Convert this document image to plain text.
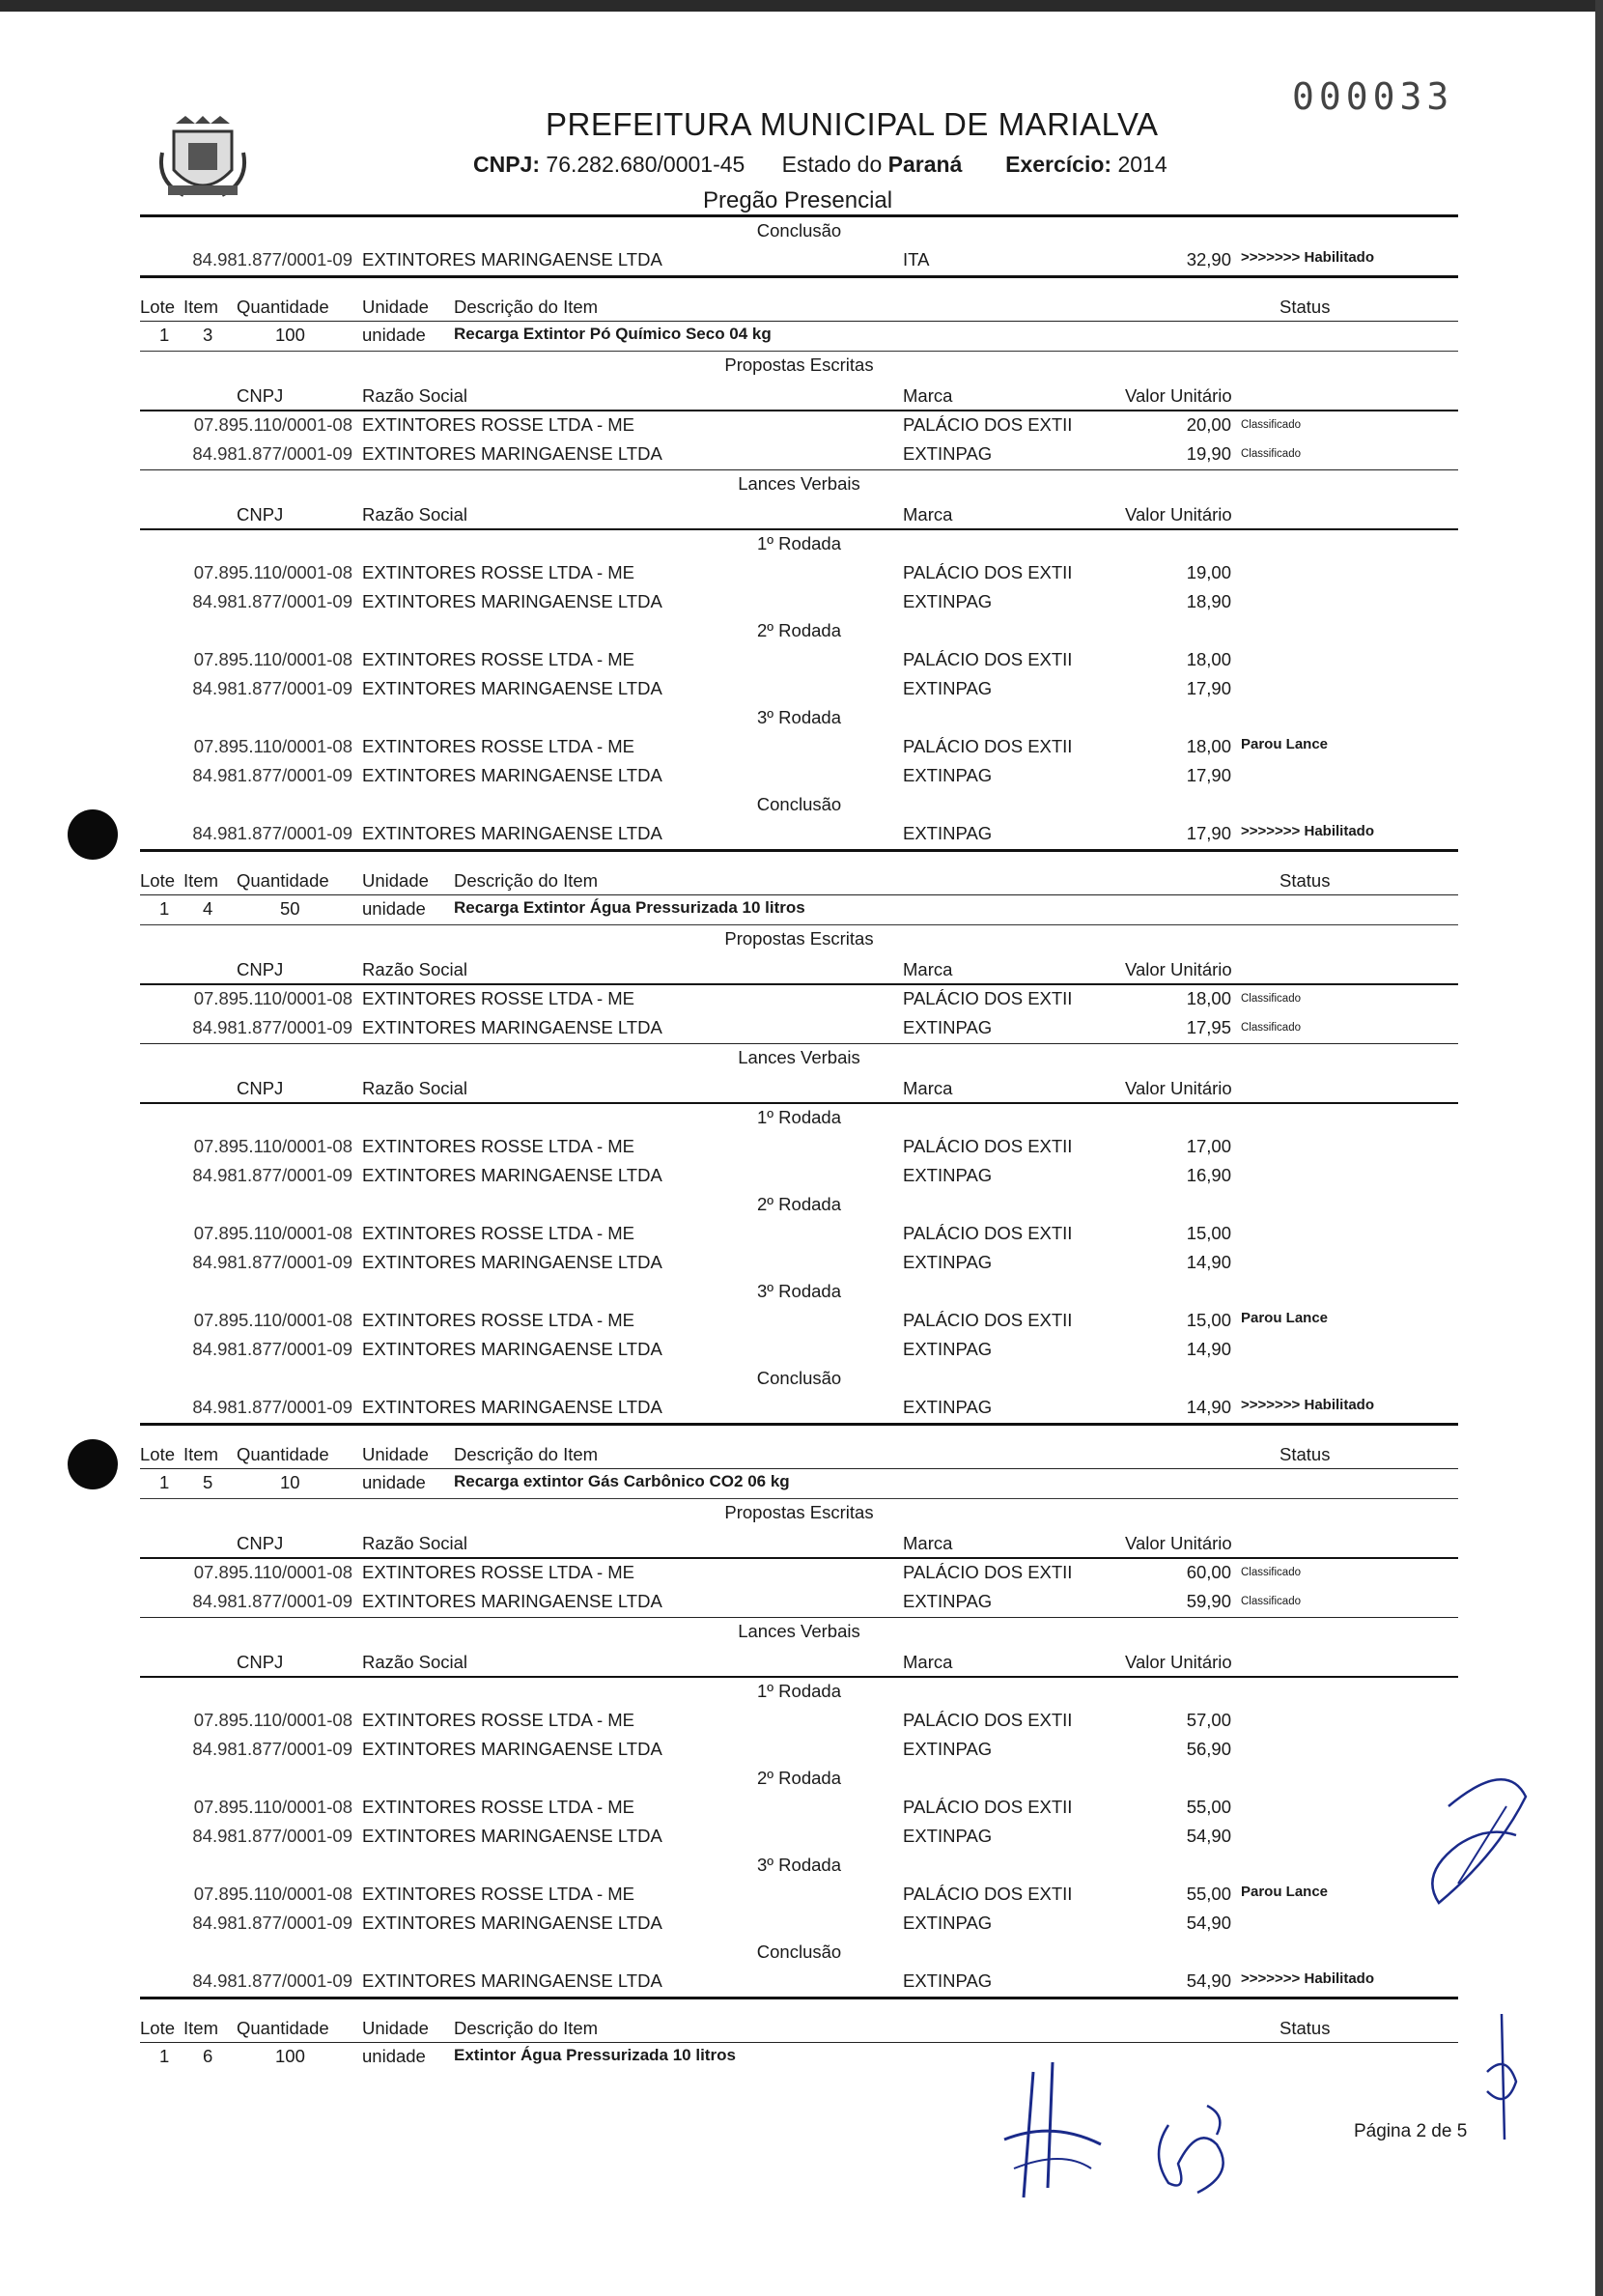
PREFEITURA MUNICIPAL DE MARIALVA
CNPJ: 76.282.680/0001-45 Estado do Paraná Exercício: 2014
Pregão Presencial
000033
Conclusão
84.981.877/0001-09 EXTINTORES MARINGAENSE LTDA	ITA	32,90 >>>>>>> Habilitado
Lote Item Quantidade Unidade Descrição do Item	Status
1 3	100	unidade Recarga Extintor Pó Químico Seco 04 kg
Propostas Escritas
CNPJ	Razão Social	Marca	Valor Unitário
07.895.110/0001-08 EXTINTORES ROSSE LTDA - ME	PALÁCIO DOS EXTII	20,00 Classificado
84.981.877/0001-09 EXTINTORES MARINGAENSE LTDA	EXTINPAG	19,90 Classificado
Lances Verbais
CNPJ	Razão Social	Marca	Valor Unitário
1º Rodada
07.895.110/0001-08 EXTINTORES ROSSE LTDA - ME	PALÁCIO DOS EXTII	19,00
84.981.877/0001-09 EXTINTORES MARINGAENSE LTDA	EXTINPAG	18,90
2º Rodada
07.895.110/0001-08 EXTINTORES ROSSE LTDA - ME	PALÁCIO DOS EXTII	18,00
84.981.877/0001-09 EXTINTORES MARINGAENSE LTDA	EXTINPAG	17,90
3º Rodada
07.895.110/0001-08 EXTINTORES ROSSE LTDA - ME	PALÁCIO DOS EXTII	18,00 Parou Lance
84.981.877/0001-09 EXTINTORES MARINGAENSE LTDA	EXTINPAG	17,90
Conclusão
84.981.877/0001-09 EXTINTORES MARINGAENSE LTDA	EXTINPAG	17,90 >>>>>>> Habilitado
Lote Item Quantidade Unidade Descrição do Item	Status
1 4	50	unidade Recarga Extintor Água Pressurizada 10 litros
Propostas Escritas
CNPJ	Razão Social	Marca	Valor Unitário
07.895.110/0001-08 EXTINTORES ROSSE LTDA - ME	PALÁCIO DOS EXTII	18,00 Classificado
84.981.877/0001-09 EXTINTORES MARINGAENSE LTDA	EXTINPAG	17,95 Classificado
Lances Verbais
CNPJ	Razão Social	Marca	Valor Unitário
1º Rodada
07.895.110/0001-08 EXTINTORES ROSSE LTDA - ME	PALÁCIO DOS EXTII	17,00
84.981.877/0001-09 EXTINTORES MARINGAENSE LTDA	EXTINPAG	16,90
2º Rodada
07.895.110/0001-08 EXTINTORES ROSSE LTDA - ME	PALÁCIO DOS EXTII	15,00
84.981.877/0001-09 EXTINTORES MARINGAENSE LTDA	EXTINPAG	14,90
3º Rodada
07.895.110/0001-08 EXTINTORES ROSSE LTDA - ME	PALÁCIO DOS EXTII	15,00 Parou Lance
84.981.877/0001-09 EXTINTORES MARINGAENSE LTDA	EXTINPAG	14,90
Conclusão
84.981.877/0001-09 EXTINTORES MARINGAENSE LTDA	EXTINPAG	14,90 >>>>>>> Habilitado
Lote Item Quantidade Unidade Descrição do Item	Status
1 5	10	unidade Recarga extintor Gás Carbônico CO2 06 kg
Propostas Escritas
CNPJ	Razão Social	Marca	Valor Unitário
07.895.110/0001-08 EXTINTORES ROSSE LTDA - ME	PALÁCIO DOS EXTII	60,00 Classificado
84.981.877/0001-09 EXTINTORES MARINGAENSE LTDA	EXTINPAG	59,90 Classificado
Lances Verbais
CNPJ	Razão Social	Marca	Valor Unitário
1º Rodada
07.895.110/0001-08 EXTINTORES ROSSE LTDA - ME	PALÁCIO DOS EXTII	57,00
84.981.877/0001-09 EXTINTORES MARINGAENSE LTDA	EXTINPAG	56,90
2º Rodada
07.895.110/0001-08 EXTINTORES ROSSE LTDA - ME	PALÁCIO DOS EXTII	55,00
84.981.877/0001-09 EXTINTORES MARINGAENSE LTDA	EXTINPAG	54,90
3º Rodada
07.895.110/0001-08 EXTINTORES ROSSE LTDA - ME	PALÁCIO DOS EXTII	55,00 Parou Lance
84.981.877/0001-09 EXTINTORES MARINGAENSE LTDA	EXTINPAG	54,90
Conclusão
84.981.877/0001-09 EXTINTORES MARINGAENSE LTDA	EXTINPAG	54,90 >>>>>>> Habilitado
Lote Item Quantidade Unidade Descrição do Item	Status
1 6	100	unidade Extintor Água Pressurizada 10 litros
Página 2 de 5
